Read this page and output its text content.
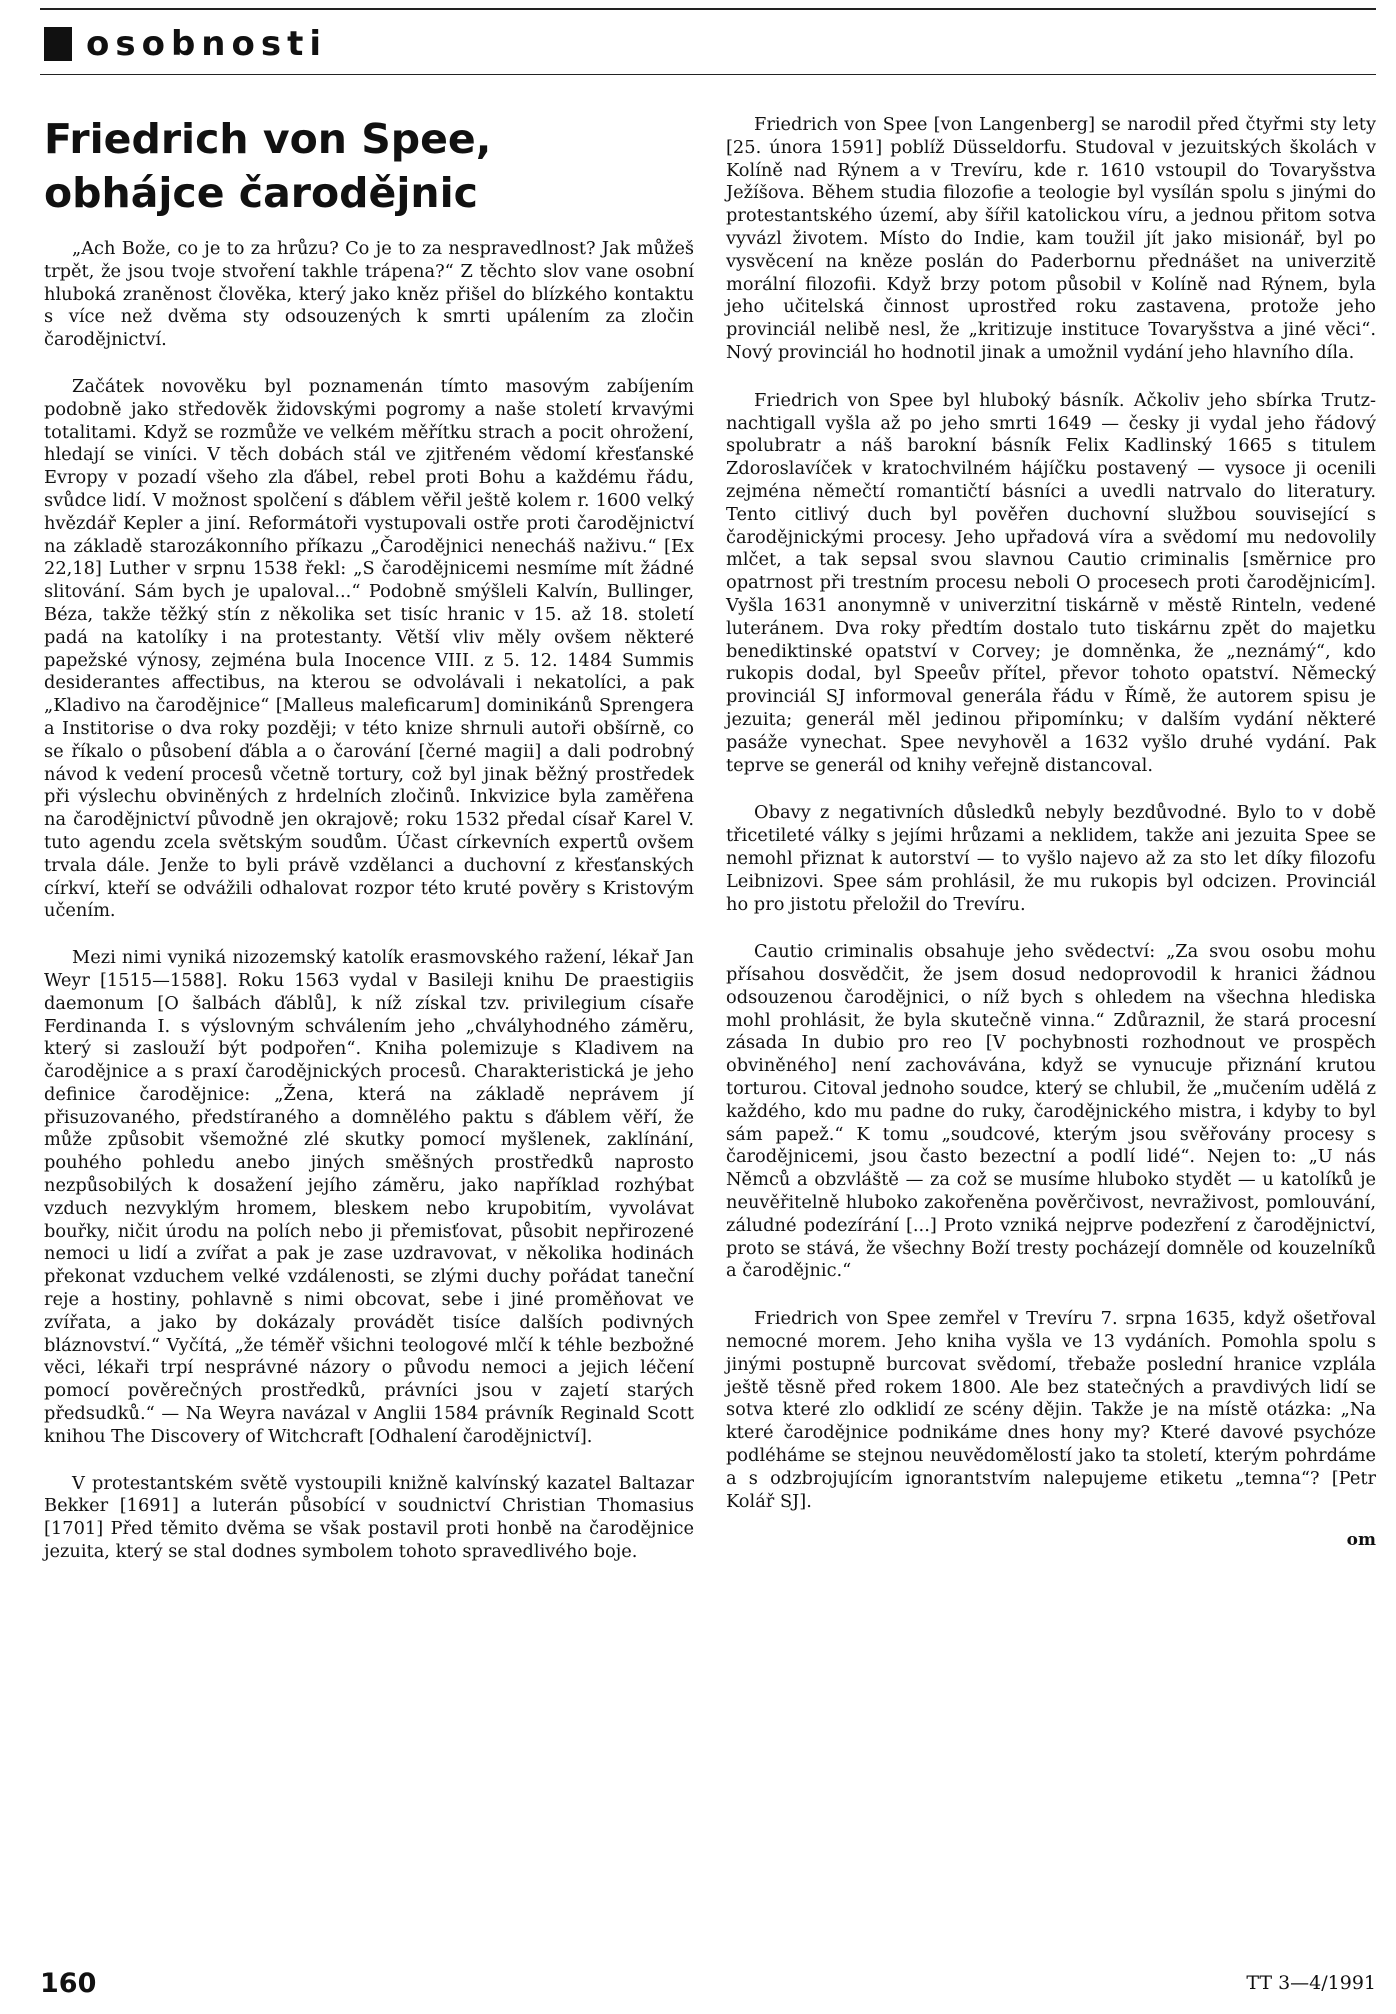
osobnosti
Friedrich von Spee,
obhájce čarodějnic

„Ach Bože, co je to za hrůzu? Co je to za nespravedlnost? Jak můžeš trpět, že jsou tvoje stvoření takhle trápena?“ Z těchto slov vane osobní hluboká zraněnost člověka, který jako kněz přišel do blízkého kontaktu s více než dvěma sty odsouzených k smrti upálením za zločin čarodějnictví.

Začátek novověku byl poznamenán tímto masovým zabíjením podobně jako středověk židovskými pogromy a naše století krvavými totalitami. Když se rozmůže ve velkém měřítku strach a pocit ohrožení, hledají se viníci. V těch dobách stál ve zjitřeném vědomí křesťanské Evropy v pozadí všeho zla ďábel, rebel proti Bohu a každému řádu, svůdce lidí. V možnost spolčení s ďáblem věřil ještě kolem r. 1600 velký hvězdář Kepler a jiní. Reformátoři vystupovali ostře proti čarodějnictví na základě starozákonního příkazu „Čarodějnici nenecháš naživu.“ [Ex 22,18] Luther v srpnu 1538 řekl: „S čarodějnicemi nesmíme mít žádné slitování. Sám bych je upaloval...“ Podobně smýšleli Kalvín, Bullinger, Béza, takže těžký stín z několika set tisíc hranic v 15. až 18. století padá na katolíky i na protestanty. Větší vliv měly ovšem některé papežské výnosy, zejména bula Inocence VIII. z 5. 12. 1484 Summis desiderantes affectibus, na kterou se odvolávali i nekatolíci, a pak „Kladivo na čarodějnice“ [Malleus maleficarum] dominikánů Sprengera a Institorise o dva roky později; v této knize shrnuli autoři obšírně, co se říkalo o působení ďábla a o čarování [černé magii] a dali podrobný návod k vedení procesů včetně tortury, což byl jinak běžný prostředek při výslechu obviněných z hrdelních zločinů. Inkvizice byla zaměřena na čarodějnictví původně jen okrajově; roku 1532 předal císař Karel V. tuto agendu zcela světským soudům. Účast církevních expertů ovšem trvala dále. Jenže to byli právě vzdělanci a duchovní z křesťanských církví, kteří se odvážili odhalovat rozpor této kruté pověry s Kristovým učením.

Mezi nimi vyniká nizozemský katolík erasmovského ražení, lékař Jan Weyr [1515—1588]. Roku 1563 vydal v Basileji knihu De praestigiis daemonum [O šalbách ďáblů], k níž získal tzv. privilegium císaře Ferdinanda I. s výslovným schválením jeho „chvályhodného záměru, který si zaslouží být podpořen“. Kniha polemizuje s Kladivem na čarodějnice a s praxí čarodějnických procesů. Charakteristická je jeho definice čarodějnice: „Žena, která na základě neprávem jí přisuzovaného, předstíraného a domnělého paktu s ďáblem věří, že může způsobit všemožné zlé skutky pomocí myšlenek, zaklínání, pouhého pohledu anebo jiných směšných prostředků naprosto nezpůsobilých k dosažení jejího záměru, jako například rozhýbat vzduch nezvyklým hromem, bleskem nebo krupobitím, vyvolávat bouřky, ničit úrodu na polích nebo ji přemisťovat, působit nepřirozené nemoci u lidí a zvířat a pak je zase uzdravovat, v několika hodinách překonat vzduchem velké vzdálenosti, se zlými duchy pořádat taneční reje a hostiny, pohlavně s nimi obcovat, sebe i jiné proměňovat ve zvířata, a jako by dokázaly provádět tisíce dalších podivných bláznovství.“ Vyčítá, „že téměř všichni teologové mlčí k téhle bezbožné věci, lékaři trpí nesprávné názory o původu nemoci a jejich léčení pomocí pověrečných prostředků, právníci jsou v zajetí starých předsudků.“ — Na Weyra navázal v Anglii 1584 právník Reginald Scott knihou The Discovery of Witchcraft [Odhalení čarodějnictví].

V protestantském světě vystoupili knižně kalvínský kazatel Baltazar Bekker [1691] a luterán působící v soudnictví Christian Thomasius [1701] Před těmito dvěma se však postavil proti honbě na čarodějnice jezuita, který se stal dodnes symbolem tohoto spravedlivého boje.

Friedrich von Spee [von Langenberg] se narodil před čtyřmi sty lety [25. února 1591] poblíž Düsseldorfu. Studoval v jezuitských školách v Kolíně nad Rýnem a v Trevíru, kde r. 1610 vstoupil do Tovaryšstva Ježíšova. Během studia filozofie a teologie byl vysílán spolu s jinými do protestantského území, aby šířil katolickou víru, a jednou přitom sotva vyvázl životem. Místo do Indie, kam toužil jít jako misionář, byl po vysvěcení na kněze poslán do Paderbornu přednášet na univerzitě morální filozofii. Když brzy potom působil v Kolíně nad Rýnem, byla jeho učitelská činnost uprostřed roku zastavena, protože jeho provinciál nelibě nesl, že „kritizuje instituce Tovaryšstva a jiné věci“. Nový provinciál ho hodnotil jinak a umožnil vydání jeho hlavního díla.

Friedrich von Spee byl hluboký básník. Ačkoliv jeho sbírka Trutz-nachtigall vyšla až po jeho smrti 1649 — česky ji vydal jeho řádový spolubratr a náš barokní básník Felix Kadlinský 1665 s titulem Zdoroslavíček v kratochvilném hájíčku postavený — vysoce ji ocenili zejména němečtí romantičtí básníci a uvedli natrvalo do literatury. Tento citlivý duch byl pověřen duchovní službou související s čarodějnickými procesy. Jeho upřadová víra a svědomí mu nedovolily mlčet, a tak sepsal svou slavnou Cautio criminalis [směrnice pro opatrnost při trestním procesu neboli O procesech proti čarodějnicím]. Vyšla 1631 anonymně v univerzitní tiskárně v městě Rinteln, vedené luteránem. Dva roky předtím dostalo tuto tiskárnu zpět do majetku benediktinské opatství v Corvey; je domněnka, že „neznámý“, kdo rukopis dodal, byl Speeův přítel, převor tohoto opatství. Německý provinciál SJ informoval generála řádu v Římě, že autorem spisu je jezuita; generál měl jedinou připomínku; v dalším vydání některé pasáže vynechat. Spee nevyhověl a 1632 vyšlo druhé vydání. Pak teprve se generál od knihy veřejně distancoval.

Obavy z negativních důsledků nebyly bezdůvodné. Bylo to v době třicetileté války s jejími hrůzami a neklidem, takže ani jezuita Spee se nemohl přiznat k autorství — to vyšlo najevo až za sto let díky filozofu Leibnizovi. Spee sám prohlásil, že mu rukopis byl odcizen. Provinciál ho pro jistotu přeložil do Trevíru.

Cautio criminalis obsahuje jeho svědectví: „Za svou osobu mohu přísahou dosvědčit, že jsem dosud nedoprovodil k hranici žádnou odsouzenou čarodějnici, o níž bych s ohledem na všechna hlediska mohl prohlásit, že byla skutečně vinna.“ Zdůraznil, že stará procesní zásada In dubio pro reo [V pochybnosti rozhodnout ve prospěch obviněného] není zachovávána, když se vynucuje přiznání krutou torturou. Citoval jednoho soudce, který se chlubil, že „mučením udělá z každého, kdo mu padne do ruky, čarodějnického mistra, i kdyby to byl sám papež.“ K tomu „soudcové, kterým jsou svěřovány procesy s čarodějnicemi, jsou často bezectní a podlí lidé“. Nejen to: „U nás Němců a obzvláště — za což se musíme hluboko stydět — u katolíků je neuvěřitelně hluboko zakořeněna pověrčivost, nevraživost, pomlouvání, záludné podezírání [...] Proto vzniká nejprve podezření z čarodějnictví, proto se stává, že všechny Boží tresty pocházejí domněle od kouzelníků a čarodějnic.“

Friedrich von Spee zemřel v Trevíru 7. srpna 1635, když ošetřoval nemocné morem. Jeho kniha vyšla ve 13 vydáních. Pomohla spolu s jinými postupně burcovat svědomí, třebaže poslední hranice vzplála ještě těsně před rokem 1800. Ale bez statečných a pravdivých lidí se sotva které zlo odklidí ze scény dějin. Takže je na místě otázka: „Na které čarodějnice podnikáme dnes hony my? Které davové psychóze podléháme se stejnou neuvědomělostí jako ta století, kterým pohrdáme a s odzbrojujícím ignorantstvím nalepujeme etiketu „temna“? [Petr Kolář SJ].

om
160	TT 3—4/1991
